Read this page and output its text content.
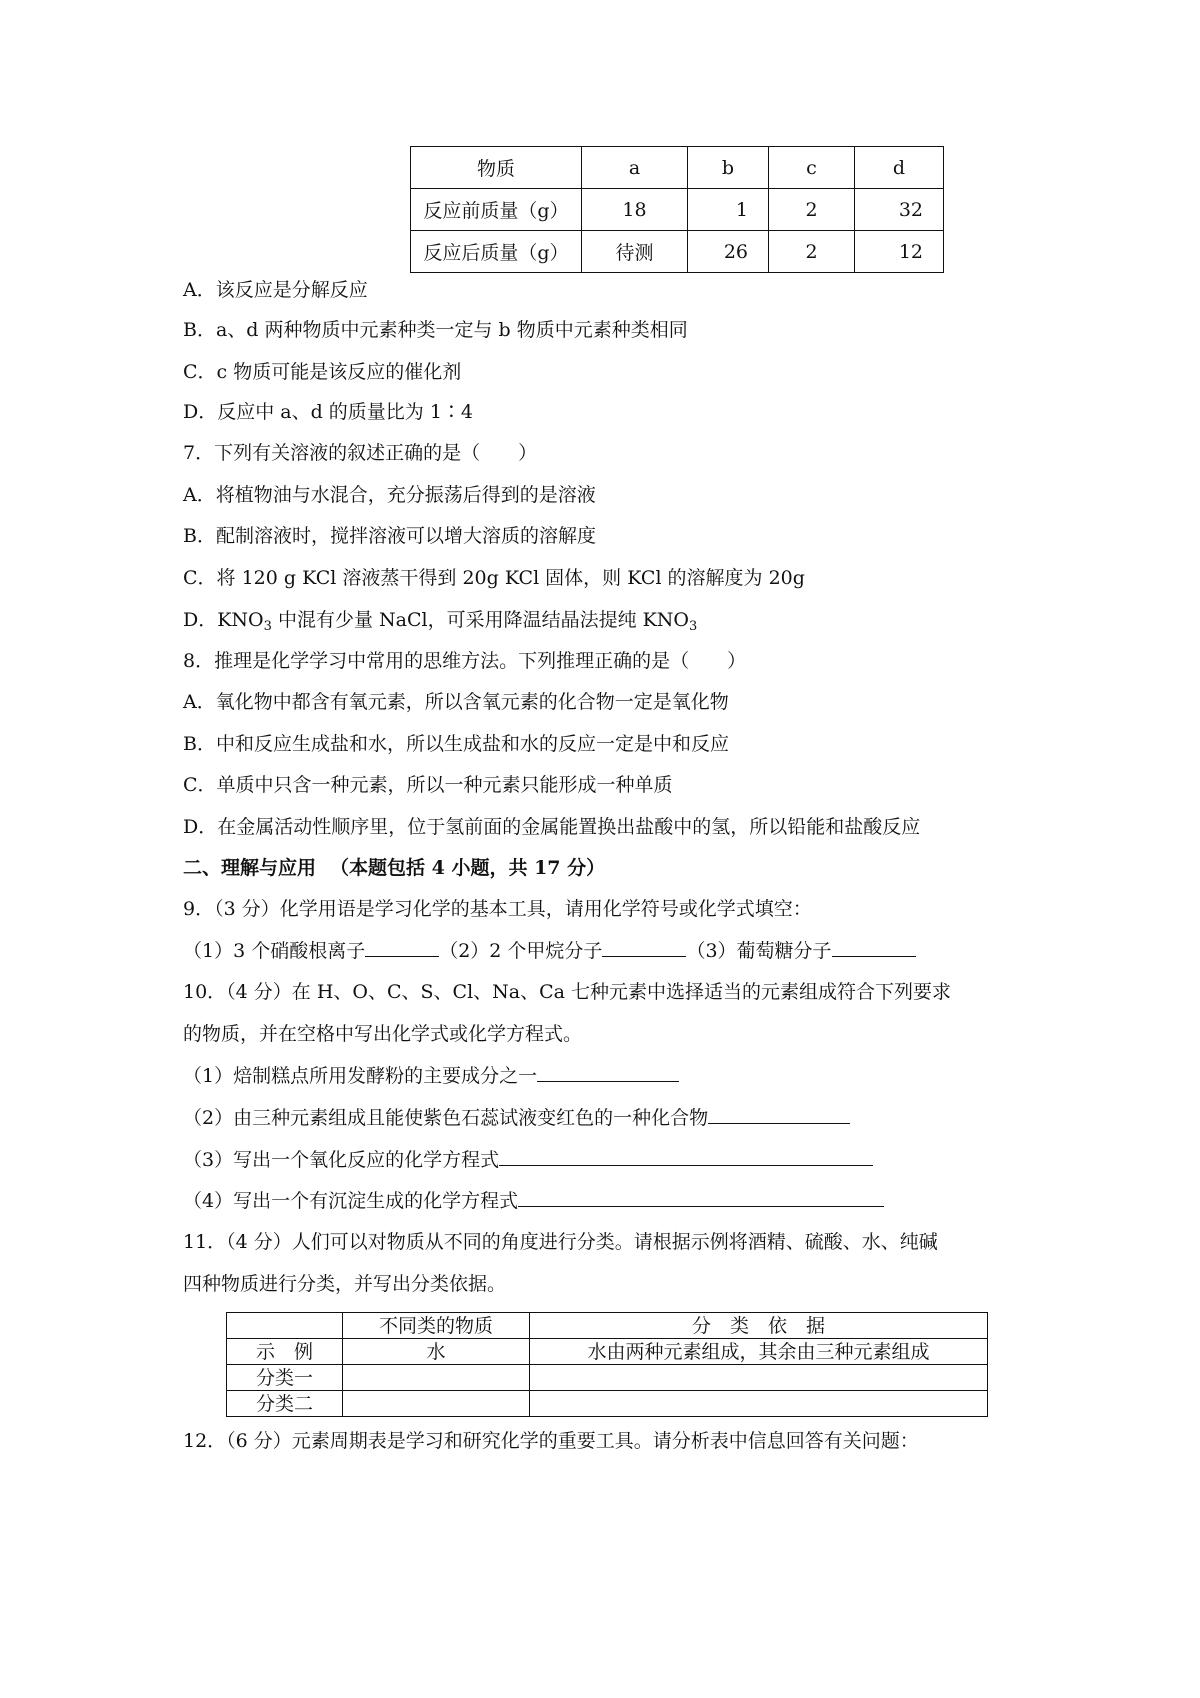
物质	a	b	c	d
反应前质量（g）	18	1	2	32
反应后质量（g）	待测	26	2	12
A．该反应是分解反应
B．a、d 两种物质中元素种类一定与 b 物质中元素种类相同
C．c 物质可能是该反应的催化剂
D．反应中 a、d 的质量比为 1∶4
7．下列有关溶液的叙述正确的是（　　）
A．将植物油与水混合，充分振荡后得到的是溶液
B．配制溶液时，搅拌溶液可以增大溶质的溶解度
C．将 120 g KCl 溶液蒸干得到 20g KCl 固体，则 KCl 的溶解度为 20g
D．$KNO_3$ 中混有少量 NaCl，可采用降温结晶法提纯 $KNO_3$
8．推理是化学学习中常用的思维方法。下列推理正确的是（　　）
A．氧化物中都含有氧元素，所以含氧元素的化合物一定是氧化物
B．中和反应生成盐和水，所以生成盐和水的反应一定是中和反应
C．单质中只含一种元素，所以一种元素只能形成一种单质
D．在金属活动性顺序里，位于氢前面的金属能置换出盐酸中的氢，所以铅能和盐酸反应
二、理解与应用 （本题包括 4 小题，共 17 分）
9．（3 分）化学用语是学习化学的基本工具，请用化学符号或化学式填空：
（1）3 个硝酸根离子	（2）2 个甲烷分子	（3）葡萄糖分子
10．（4 分）在 H、O、C、S、Cl、Na、Ca 七种元素中选择适当的元素组成符合下列要求
的物质，并在空格中写出化学式或化学方程式。
（1）焙制糕点所用发酵粉的主要成分之一
（2）由三种元素组成且能使紫色石蕊试液变红色的一种化合物
（3）写出一个氧化反应的化学方程式
（4）写出一个有沉淀生成的化学方程式
11．（4 分）人们可以对物质从不同的角度进行分类。请根据示例将酒精、硫酸、水、纯碱
四种物质进行分类，并写出分类依据。
	不同类的物质	分　类　依　据
示　例	水	水由两种元素组成，其余由三种元素组成
分类一		
分类二		
12．（6 分）元素周期表是学习和研究化学的重要工具。请分析表中信息回答有关问题：
